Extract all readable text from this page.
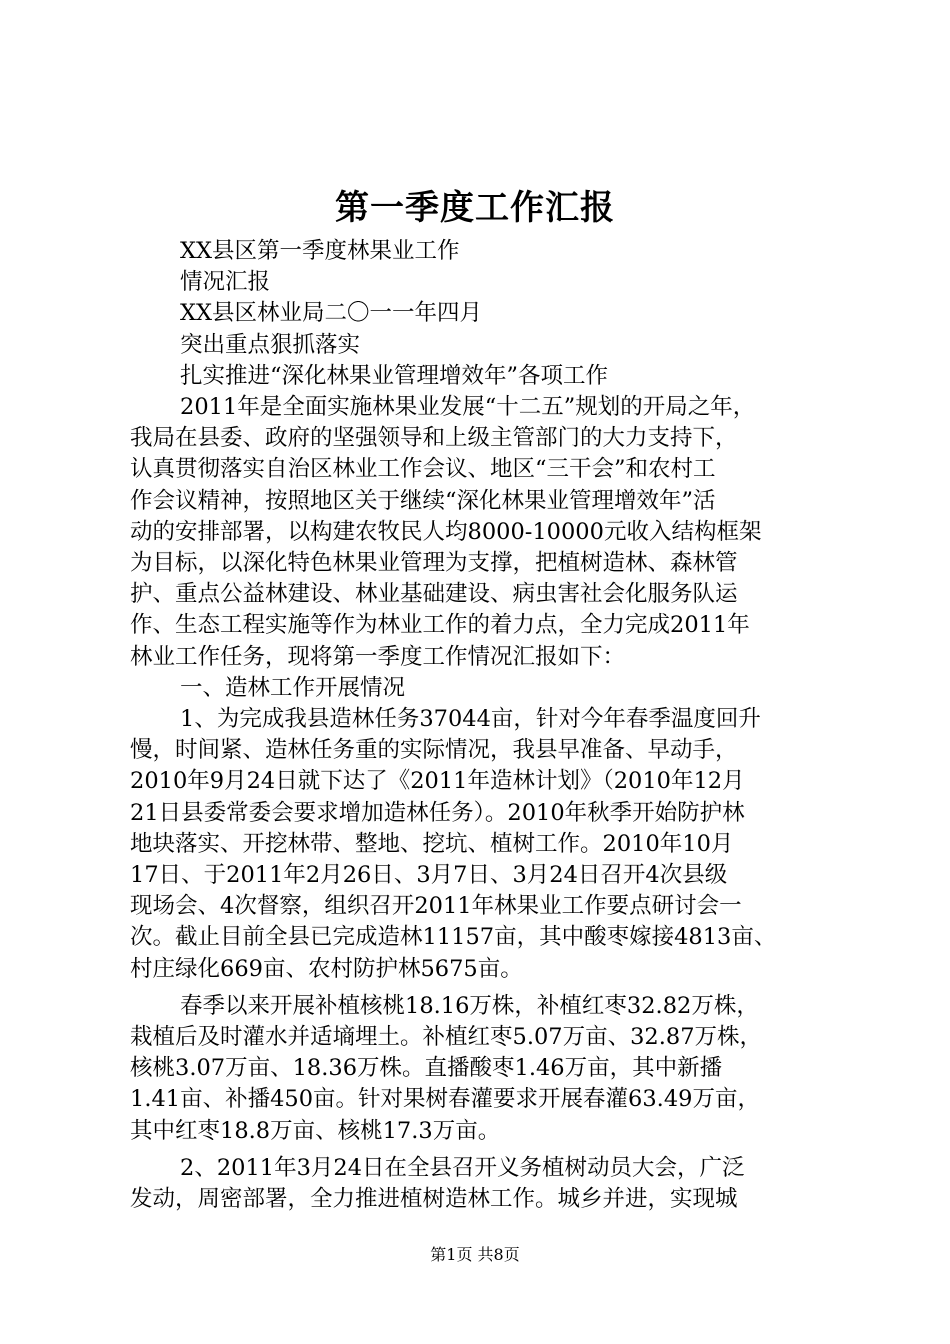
第一季度工作汇报
XX县区第一季度林果业工作
情况汇报
XX县区林业局二〇一一年四月
突出重点狠抓落实
扎实推进“深化林果业管理增效年”各项工作
2011年是全面实施林果业发展“十二五”规划的开局之年，
我局在县委、政府的坚强领导和上级主管部门的大力支持下，
认真贯彻落实自治区林业工作会议、地区“三干会”和农村工
作会议精神，按照地区关于继续“深化林果业管理增效年”活
动的安排部署，以构建农牧民人均8000-10000元收入结构框架
为目标，以深化特色林果业管理为支撑，把植树造林、森林管
护、重点公益林建设、林业基础建设、病虫害社会化服务队运
作、生态工程实施等作为林业工作的着力点，全力完成2011年
林业工作任务，现将第一季度工作情况汇报如下：
一、造林工作开展情况
1、为完成我县造林任务37044亩，针对今年春季温度回升
慢，时间紧、造林任务重的实际情况，我县早准备、早动手，
2010年9月24日就下达了《2011年造林计划》（2010年12月
21日县委常委会要求增加造林任务）。2010年秋季开始防护林
地块落实、开挖林带、整地、挖坑、植树工作。2010年10月
17日、于2011年2月26日、3月7日、3月24日召开4次县级
现场会、4次督察，组织召开2011年林果业工作要点研讨会一
次。截止目前全县已完成造林11157亩，其中酸枣嫁接4813亩、
村庄绿化669亩、农村防护林5675亩。
春季以来开展补植核桃18.16万株，补植红枣32.82万株，
栽植后及时灌水并适墒埋土。补植红枣5.07万亩、32.87万株，
核桃3.07万亩、18.36万株。直播酸枣1.46万亩，其中新播
1.41亩、补播450亩。针对果树春灌要求开展春灌63.49万亩，
其中红枣18.8万亩、核桃17.3万亩。
2、2011年3月24日在全县召开义务植树动员大会，广泛
发动，周密部署，全力推进植树造林工作。城乡并进，实现城
第1页 共8页
